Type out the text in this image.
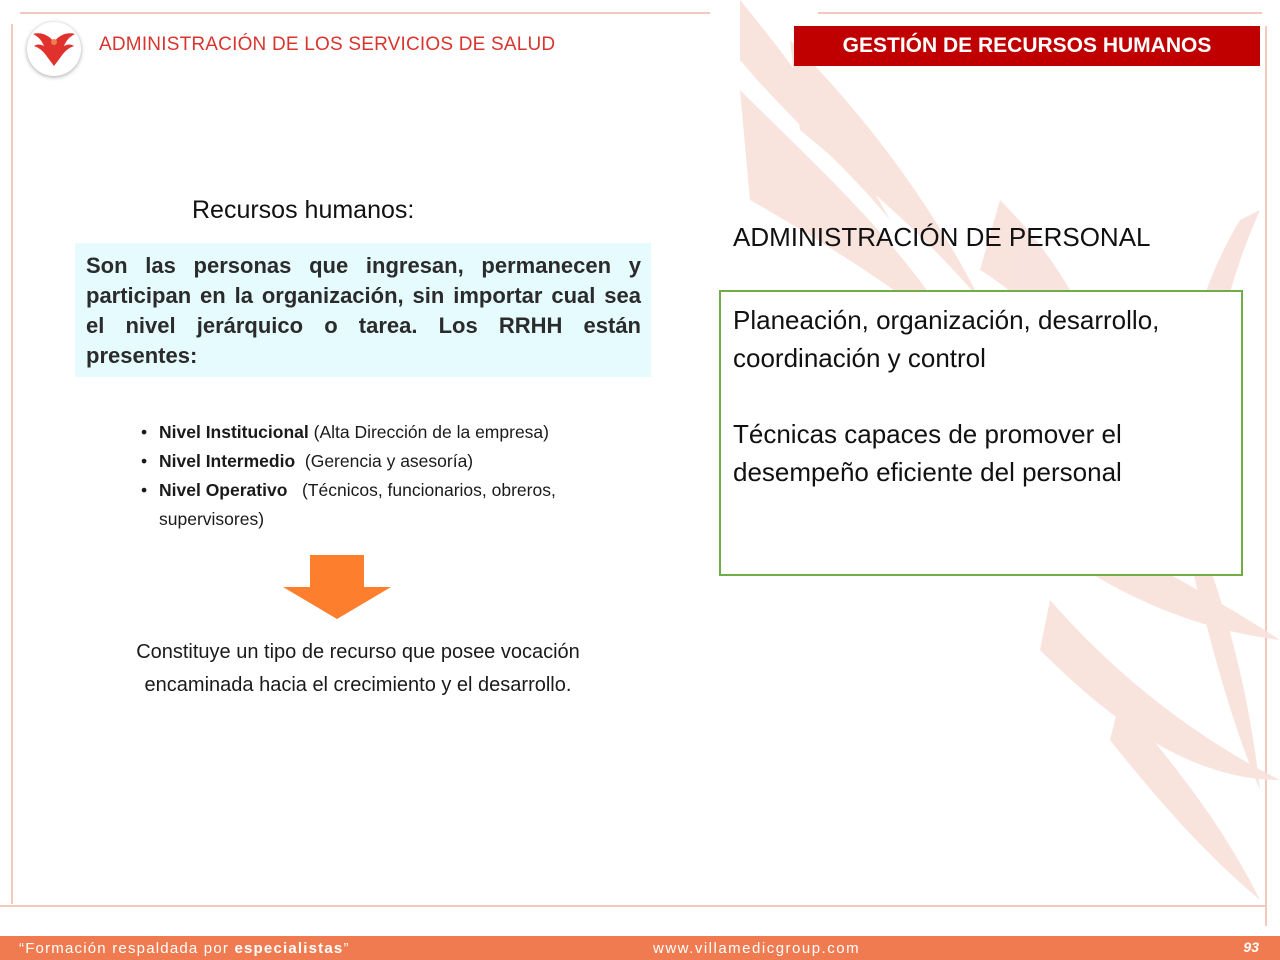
ADMINISTRACIÓN DE LOS SERVICIOS DE SALUD	GESTIÓN DE RECURSOS HUMANOS
Recursos humanos:
Son las personas que ingresan, permanecen y participan en la organización, sin importar cual sea el nivel jerárquico o tarea. Los RRHH están presentes:
• Nivel Institucional (Alta Dirección de la empresa)
• Nivel Intermedio  (Gerencia y asesoría)
• Nivel Operativo   (Técnicos, funcionarios, obreros, supervisores)
Constituye un tipo de recurso que posee vocación
encaminada hacia el crecimiento y el desarrollo.
ADMINISTRACIÓN DE PERSONAL

Planeación, organización, desarrollo, coordinación y control

Técnicas capaces de promover el desempeño eficiente del personal

“Formación respaldada por especialistas”	www.villamedicgroup.com	93
